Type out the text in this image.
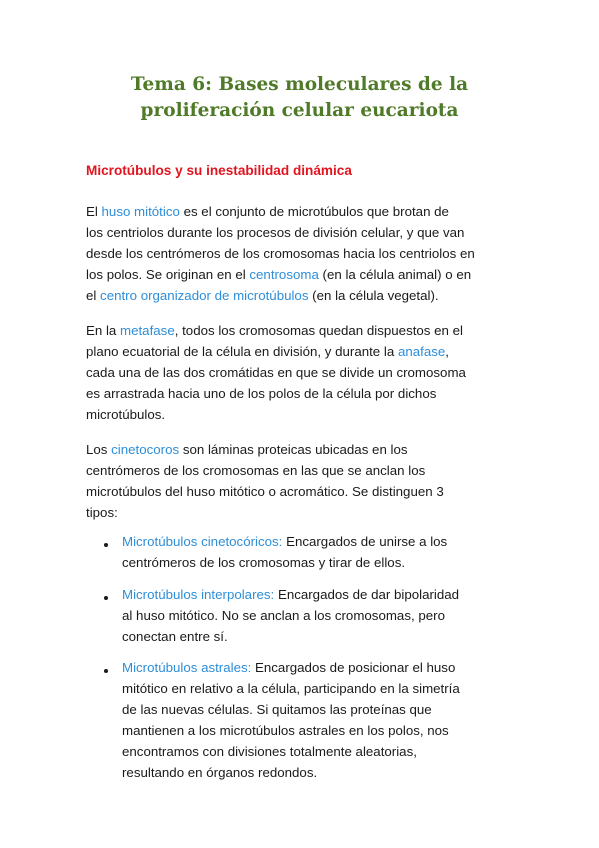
Tema 6: Bases moleculares de la
proliferación celular eucariota
Microtúbulos y su inestabilidad dinámica
El huso mitótico es el conjunto de microtúbulos que brotan de
los centriolos durante los procesos de división celular, y que van
desde los centrómeros de los cromosomas hacia los centriolos en
los polos. Se originan en el centrosoma (en la célula animal) o en
el centro organizador de microtúbulos (en la célula vegetal).
En la metafase, todos los cromosomas quedan dispuestos en el
plano ecuatorial de la célula en división, y durante la anafase,
cada una de las dos cromátidas en que se divide un cromosoma
es arrastrada hacia uno de los polos de la célula por dichos
microtúbulos.
Los cinetocoros son láminas proteicas ubicadas en los
centrómeros de los cromosomas en las que se anclan los
microtúbulos del huso mitótico o acromático. Se distinguen 3
tipos:
Microtúbulos cinetocóricos: Encargados de unirse a los
centrómeros de los cromosomas y tirar de ellos.
Microtúbulos interpolares: Encargados de dar bipolaridad
al huso mitótico. No se anclan a los cromosomas, pero
conectan entre sí.
Microtúbulos astrales: Encargados de posicionar el huso
mitótico en relativo a la célula, participando en la simetría
de las nuevas células. Si quitamos las proteínas que
mantienen a los microtúbulos astrales en los polos, nos
encontramos con divisiones totalmente aleatorias,
resultando en órganos redondos.
